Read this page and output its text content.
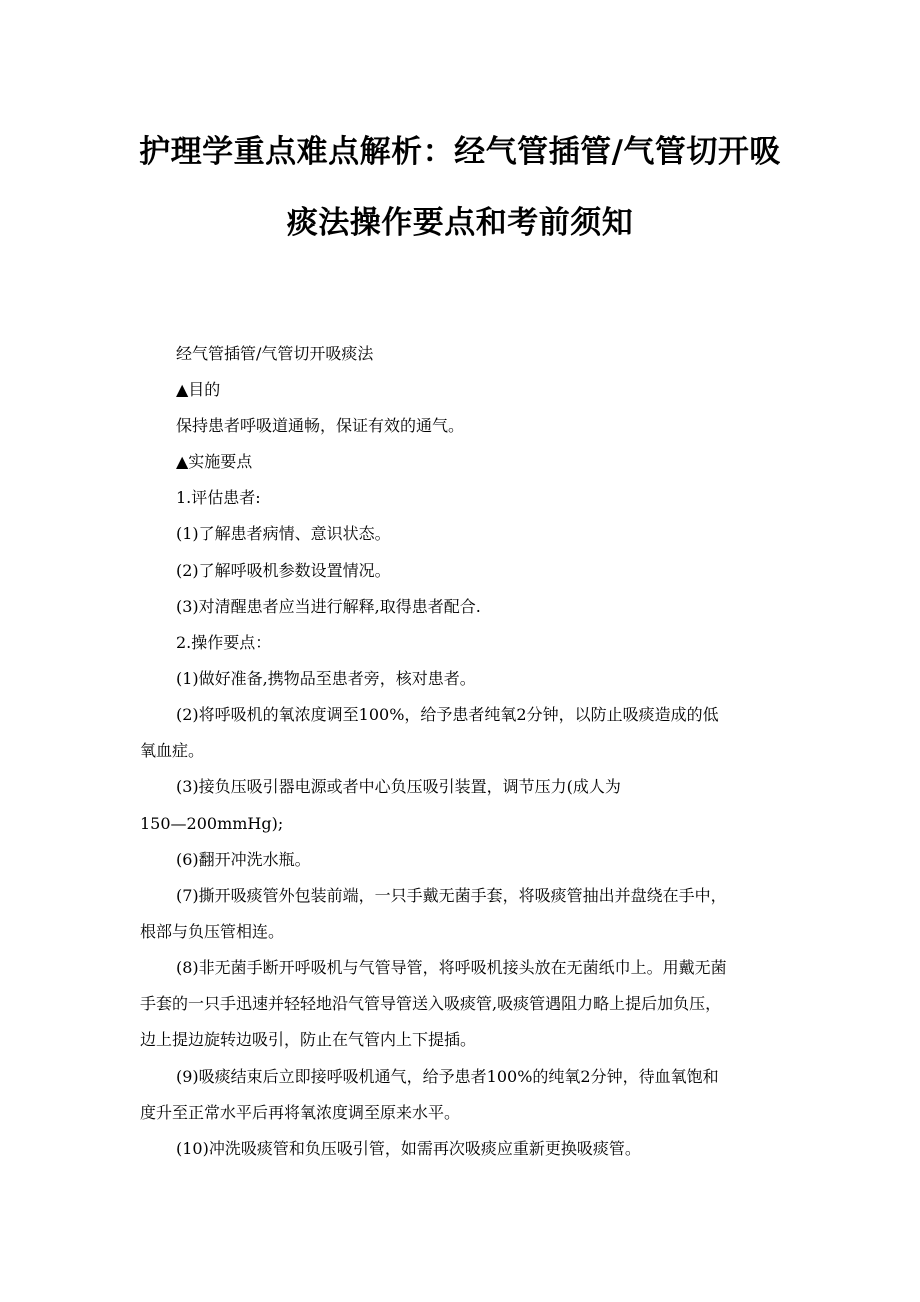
护理学重点难点解析：经气管插管/气管切开吸
痰法操作要点和考前须知

经气管插管/气管切开吸痰法

▲目的

保持患者呼吸道通畅，保证有效的通气。

▲实施要点

1.评估患者:

(1)了解患者病情、意识状态。

(2)了解呼吸机参数设置情况。

(3)对清醒患者应当进行解释,取得患者配合.

2.操作要点：

(1)做好准备,携物品至患者旁，核对患者。

(2)将呼吸机的氧浓度调至100%，给予患者纯氧2分钟，以防止吸痰造成的低

氧血症。

(3)接负压吸引器电源或者中心负压吸引装置，调节压力(成人为

150—200mmHg);

(6)翻开冲洗水瓶。

(7)撕开吸痰管外包装前端，一只手戴无菌手套，将吸痰管抽出并盘绕在手中，

根部与负压管相连。

(8)非无菌手断开呼吸机与气管导管，将呼吸机接头放在无菌纸巾上。用戴无菌

手套的一只手迅速并轻轻地沿气管导管送入吸痰管,吸痰管遇阻力略上提后加负压，

边上提边旋转边吸引，防止在气管内上下提插。

(9)吸痰结束后立即接呼吸机通气，给予患者100%的纯氧2分钟，待血氧饱和

度升至正常水平后再将氧浓度调至原来水平。

(10)冲洗吸痰管和负压吸引管，如需再次吸痰应重新更换吸痰管。
